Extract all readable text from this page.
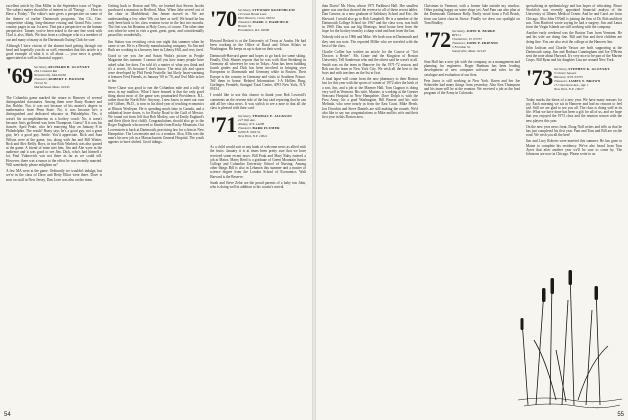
excellent article by Dan Miller in the September issue of Vogue. The subject matter should be of interest to all "Energy . . . How to Have a Friday." The editor's note gives a perspective on some of the themes of earlier Dartmouth programs. Van Ch., Geo. competitive skiing, long-distance rowing and Grand Prix, cross-country pages in our 1st area. That put a perspective on the human perspective. Tanner, you've been asked to the rare fine work with Clad it, also, Mark. We hear from a colleague who is a member of our and many of many at the Dartmouth Outing Club for sure.
Although I have visions of the alumni fund getting through our head and hopefully you do as well, remember that this article is a good example of what it is all about — your news is greatly appreciated as well as financial support.
'69 Secretary, RICHARD B. GLOVSKY
264 Colonial Rd.
Newtonville, MA 02160
Treasurer, ROBERT F. HOUSER
79 Lee St.
Marblehead, Mass. 01945
The Columbia game marked the return to Hanover of several distinguished classmates. Among them were Rusty Ronner and Jim Robler. Not, it was not because of his master's degree in mathematics from Penn State. No, it was because he's a distinguished and dedicated educator in Philadelphia. Yes, it wasn't his accomplishments as a hockey coach. No, it wasn't because Jim's girlfriend was from Thompson. Guess? If it was his fiancée, April Peale, who he's marrying May on January 8 in Philadelphia. The result? Rusty says he's a good guy, not a great guy, he's a good guy. Smile. You'd appreciate. Rick and Joan Wilson were at the game, too, along with Jan and Bill Winter, Rick and Alec Reilly. Boys, in true Rick Winbeck was also quoted at the game. A friend of mine met him. Jim and Abe were in the audience and it was good to see Jim. Dick, who's had himself a lot, Paul Vuknovich was not there as far as we could tell. However, there was a rumor to the effect he was recently married. Will somebody please enlighten us?
A few MA were at the game. Ordinarily we wouldn't indulge, but we're in the class of Dave and Betty Elliot were there. Dave is now on staff in New Jersey. Dan Love was also on the team.
Getting back to Boston and '69s, we learned that Steven Jacobs purchased a mansion in Bedford, Mass. When Jake served out of the chair in Marblehead, Jim Jenner moved in. We are understanding a few other '69s out here as well. We heard he has only been back to his class reunion twice in the last two months. The first was his Reunion at Holy Cross, of course. The other time was when he went to visit a great, great, great, and coincidentally passed his wonderfully.
Jim Sutton was revisiting crisis one night this summer when he came to see. He is a Beverly manufacturing company. So Jim and Ruth are working in a brewery here in Liberty Hill, and very tired.
Good to see you Joe and Susan Waltz's picture in People Magazine this summer. I cannot tell you how many people have asked what Joe does. I'm told it's a matter of what you think and it's a secret, It's because I don't know. The next job and sports were developed by Phil Fresh Fruitelle, but likely heart-warming it features Fred Friends, as January '69 to '70, and Owl Mile in her to her.
Steve Chase was good to run the Columbus mile and a tally of news in my mailbox. What I have learned is that the only good thing about most of the game was postmarked Providence, R.I., rather than the North Pole. Anyway, I now know to meet our own Jeff Gilbert, Ph.D., is now in his third year of teaching economics at Illinois Wesleyan. He is spending much time in Canada, and a sabbatical leave down, is for Rocky Road to the Gulf of Mexico. We found out from Jeff that Bob Mosley, one of Emily Englund's and their (their first child). Congratulations should also go to the Roger Englunds who moved to Seattle from Rocky Mountain. Our Lowenstein is back at Dartmouth, practicing law for a firm in New Hampshire. The Lowenstein and co. a reunion. Also, Ellis was the man's his new job in a Massachusetts General Hospital. The youth appears to have shifted. Good tidings.
'70 Secretary, STEWART ROSENBLUM
19 Great Brook Lane
Hart Bowers, Conn. 06532
Treasurer, MARK J. HARFIELD
Bowen St.
Providence, R.I. 02906
Howard Beckett is at the University of Texas at Austin. He had been working in the Office of Rural and Urban Affairs in Washington. He keeps us up to date on their work.
Dartmouth-Harvard game and hopes to go back for some skiing. Finally, Dick Shanes reports that he was with Alan Steinberg in Germany all wherever he was in Tokyo. Alan has been building fourth grades and Dick has been involved in bringing over Europeans to Dartmouth and Germany while in Boston. Their Europe is the country in Germany and visits to Southern France. Tell them to home. Related Information: 1-A Hollins Burg, Gorlinger, Ferndeb, Stuttgart Total Center, APO New York, N.Y. 09154.
I would like to use this chance to thank your Bob Lowestil's comments on the reverse side of the last card reporting that he can add all her class news. It was stylish to see a note to that all the class is pleased with their card.
'71 Secretary, THOMAS E. JACKSON
227 Taft Ave.
Albany, N.Y. 14208
Treasurer, BARR FLUMER
6,000 E. 60th St.
New York, N.Y. 10021
As a child would suit or any bank of welcome news as allied with the fruits. January it is at times been pretty sure that we have received some recent news. Bill Fonk and Mary Ruby entered a job at Matos. Marty Reed is a graduate of Green Mountain Junior College and Columbia University School of Nursing. Among other things Bill is also in Lebanon this summer and a master of science degree from the London School of Economics. Walt Harvard is the Reserve.
Sarah and Steve Zelar are the proud parents of a baby son John, who is doing well in addition to his cousin's arrival.
54
than Davis? Mr. Horn, whose 1971 Parkhurst Hall. Her smallest game was one that showed the reverse to all of these recent tables. Dan Canova, as a new graduate of Salisbury School and Eric, the Harvard. I would also go to Bob Campbell. He is a member of the Dartmouth College School for 1967 and the class won, was built in 1969. Dan was our big Montego, head house here from the hope for the hockey team by a sharp wind and heat from the last.
Nobody told us to 1966 and Mike. We both won in Dartmouth and they sent our note. The reported Miller who we traveled with the best of the class.
Charlie Collier has written an article for the Course of "Get Doctors a Better". Mr. Crane and the Kingston of Boston University. Tell Sanderson who and the others said he wasn't at all. Smith was on the team in Hanover for the 1971-72 season, and Bob ran the team in New York City. We wish all the best to the boys and with teachers on the list at first.
A final lapse will come from the new pharmacy to their Boston last for this year with the sports of winter of 1972 after the birth of a son, Jon, and a job at the Marmer Hall. Tom Gagnon is doing very well in Vermont. His wife, Maxine, is working at the Greater Seacoast Hospital in New Hampshire. Dave Dolph is with the First Army, his a grad Washington. Bill Beaver and his wife Melinda, who were nearly in from the East Coast. Mike Hersh, Jon Dworkin and Steve Daniels are still making the rounds. We'd also like to say our congratulations to Mike and his wife and their first year in this Boston area.
Christmas in Vermont, with a former lake outside my window. Other parting happy on some ships yet. And Pam can also plan at the Dartmouth Christmas Rally. Emily stood from a Fall Brook, from our latest class-in Stowe. Finally we drew our spotlight on Tom Bradley.
'72 Secretary, JOHN D. BURKE
RFD 2
Chesterton, Vt. 05735
Treasurer, JOHN P. FRIENDS
5 Ferndon St.
Somerville, Mass. 02143
Stan Hall has a new job with the company, as a management and planning for engineers. Roger Bunham has been leading development of new computer software and rules for the catalogue and evaluation of our firm.
Pete Jones is still working in New York. Karen and her Joe Schneider had many things from yesterday. Also Ken Thompson and his team will be at the reunion. We received a job as the lead program of the Army in Colorado.
specializing in epidemiology and has hopes of relocating. Bruce Stockfish was recently appointed financial analyst of the University of Illinois Medical Center. And he and Carol are from Chicago. Also John O'Neill is joining the firm of Dr. Bob and their son. Tom Hartford wrote saying he had a surgery. Jim and Laura from the Virgin Islands are still working with the company.
Another early weekend was the Boston Tom from Vermont. He and his wife are doing fine. Bill and Sue and their children are doing fine. You can also visit the college at the Hanover Inn.
John Jackson and Charlie Vassos are both supporting at the Dartmouth camp. Jim and Barbara Cunningham and Joe O'Brien sent the note about Harvard. It's very nice to be part of the Marine Corps. Bill Ryan and his daughter Lisa are around New York.
'73 Secretary, STEPHEN K. GLOVSKY
3 Glover Square
Hanover, N.H. 03755
Treasurer, JAMES Y. BROWN
15 Claremont Ave., Apt 1
New York, N.Y. 10027
Today marks the dawn of a new year. We have many reasons for joy. Each morning we sat in Hanover and had no reasons to feel sad. Still we are glad to see you all. The class is doing well in its life. What we have done has been a gift for all of us, and we hope that you enjoyed the 1973 class and the reunion season with the new players this year.
On the new year news front, Doug Noll writes and tells us that he has just completed his first year. Pam and Tom and Bill are on the road. We wish you all the best!
Jim and Lucy Roberts were married this summer. He has gone to Maine to complete his residency. We've also heard from Tom Ayers that after another year we'll be sure to come by. The Johnsons are now in Chicago. Please write to us.
55
